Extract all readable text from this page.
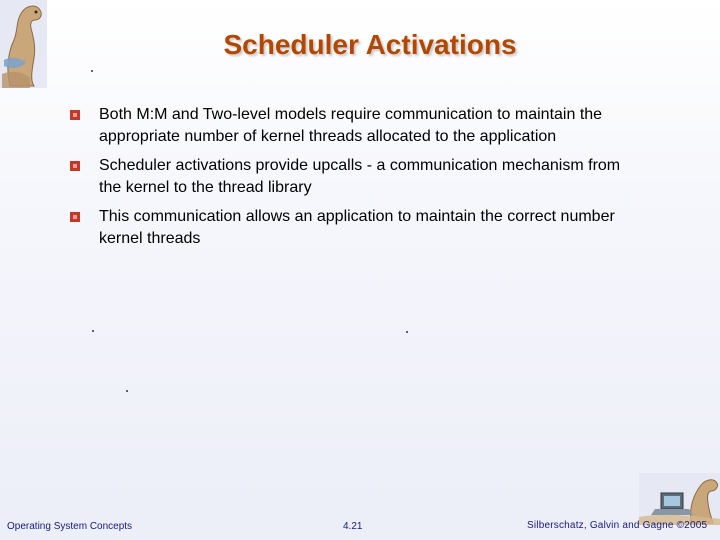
Scheduler Activations
Both M:M and Two-level models require communication to maintain the appropriate number of kernel threads allocated to the application
Scheduler activations provide upcalls - a communication mechanism from the kernel to the thread library
This communication allows an application to maintain the correct number kernel threads
Operating System Concepts	4.21	Silberschatz, Galvin and Gagne ©2005
